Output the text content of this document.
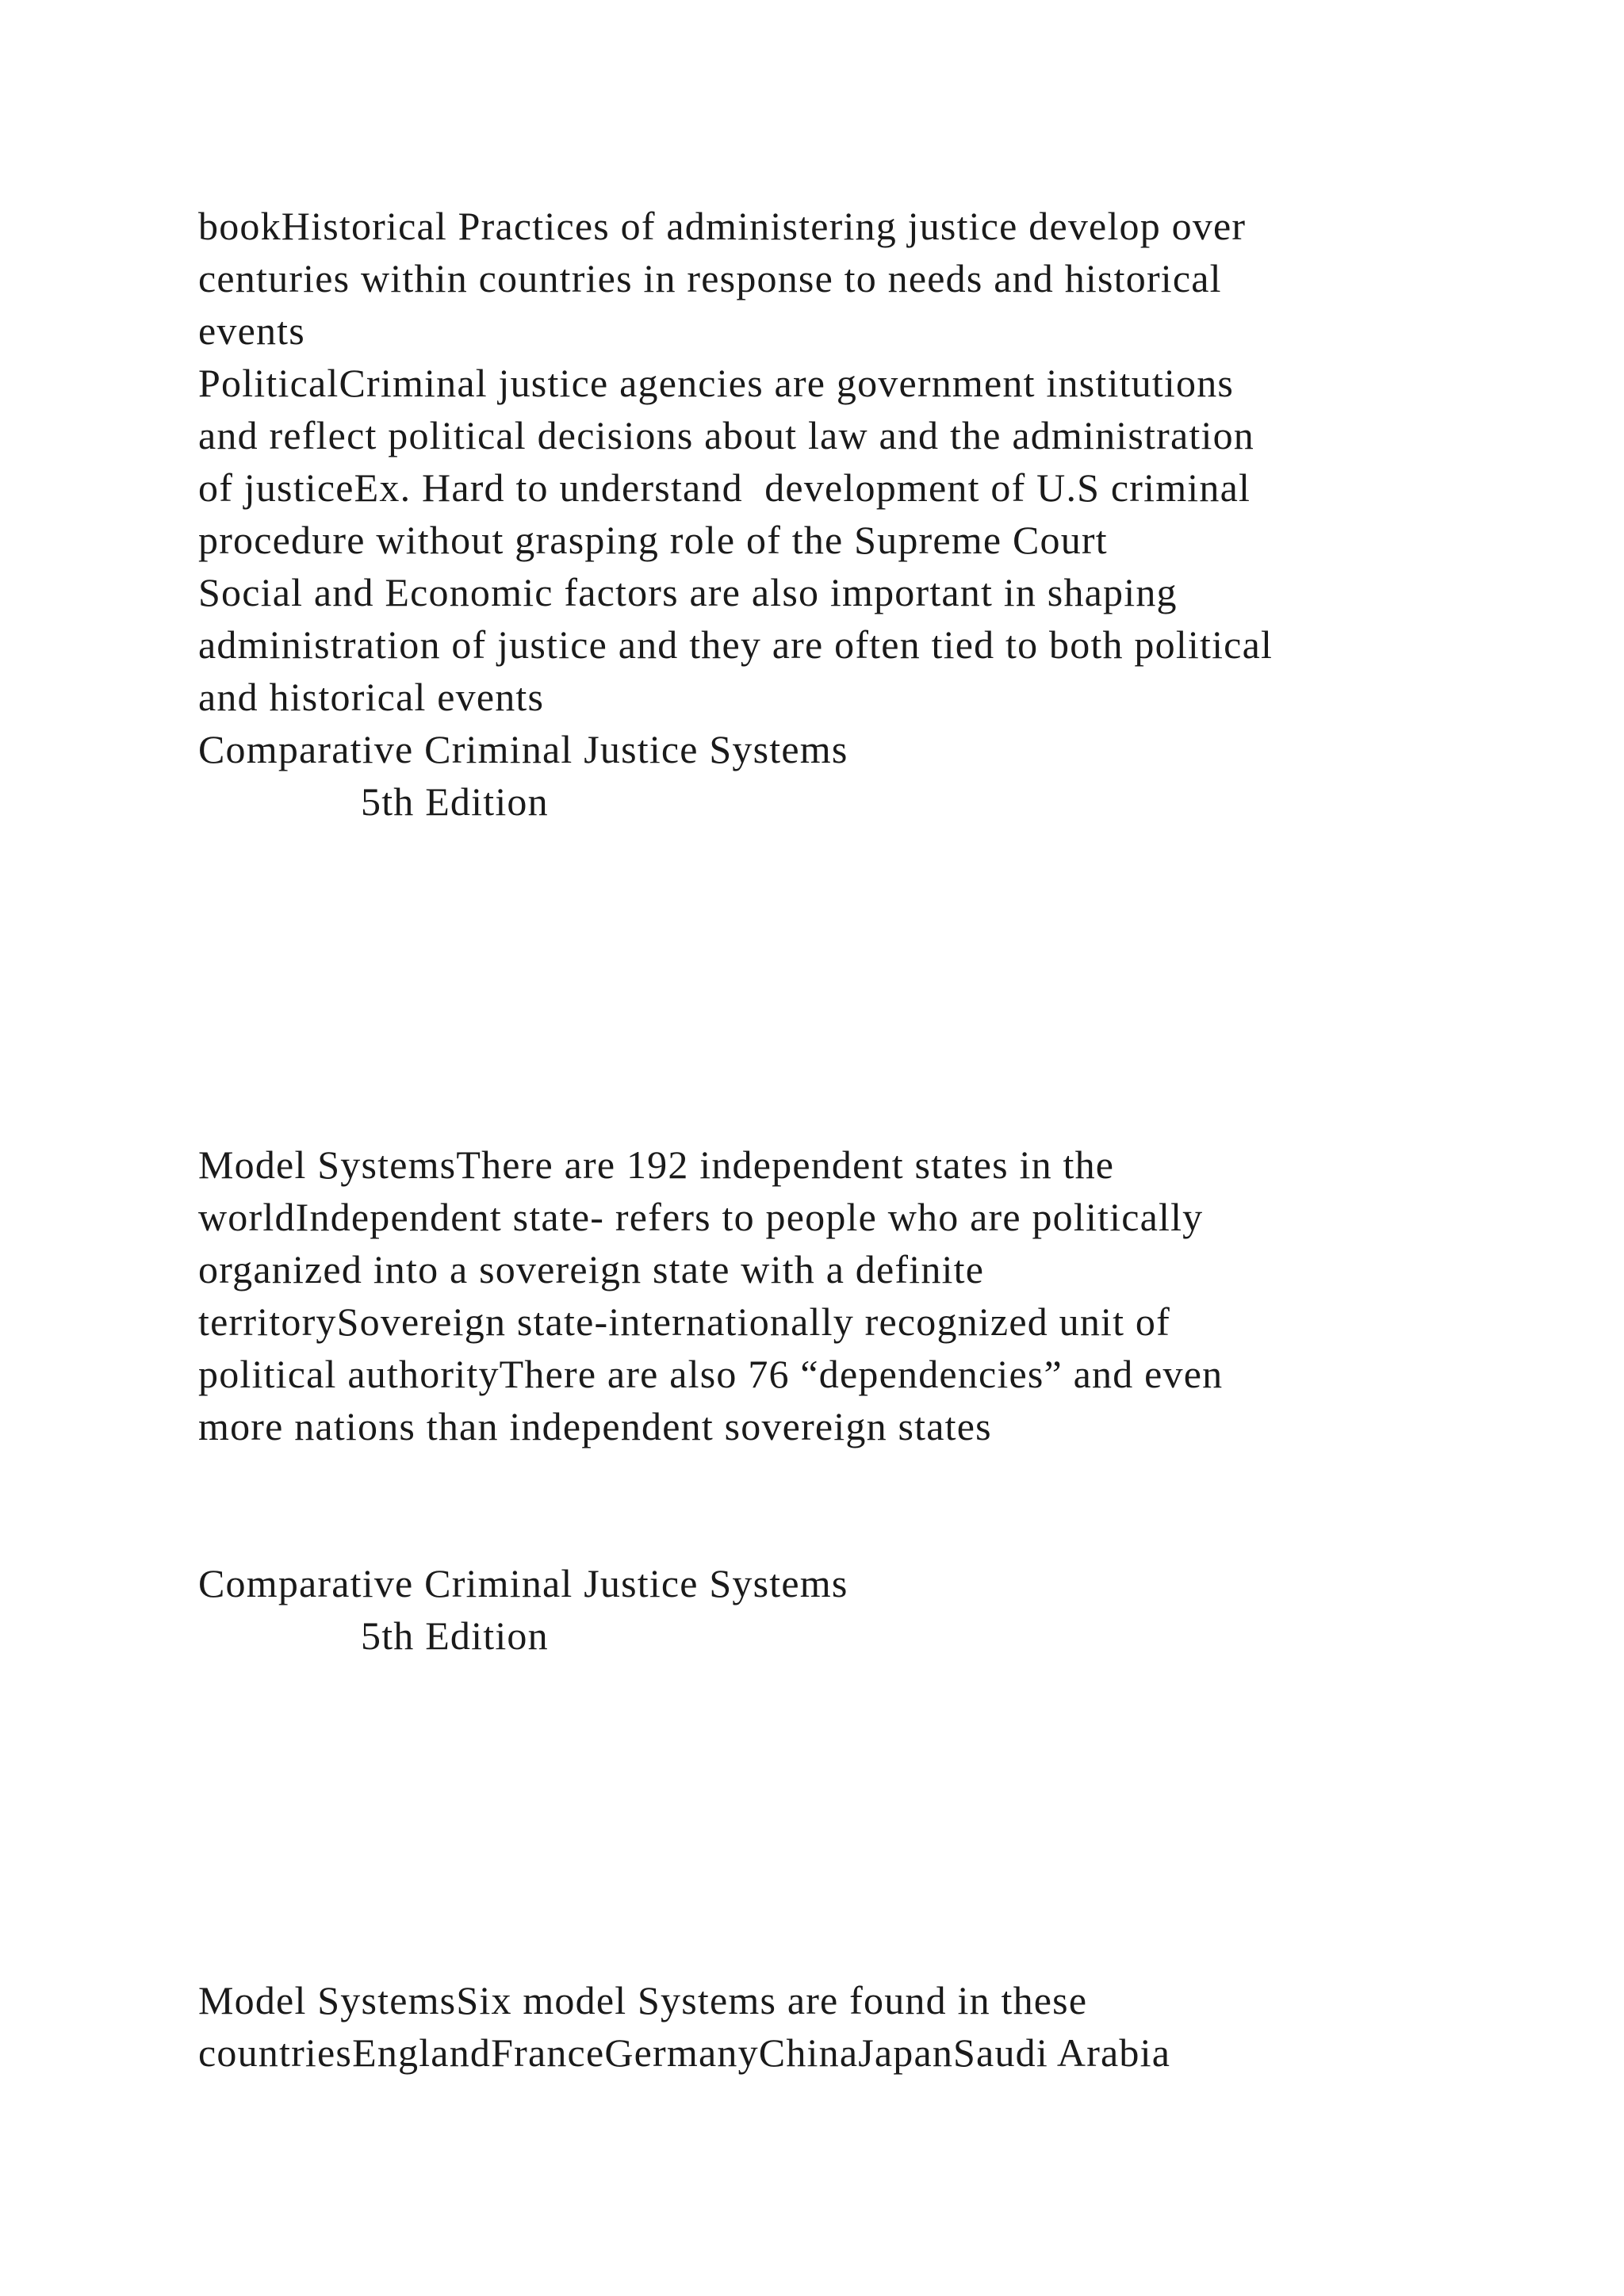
bookHistorical Practices of administering justice develop over

centuries within countries in response to needs and historical

events

PoliticalCriminal justice agencies are government institutions

and reflect political decisions about law and the administration

of justiceEx. Hard to understand  development of U.S criminal

procedure without grasping role of the Supreme Court

Social and Economic factors are also important in shaping

administration of justice and they are often tied to both political

and historical events

Comparative Criminal Justice Systems

5th Edition

Model SystemsThere are 192 independent states in the

worldIndependent state- refers to people who are politically

organized into a sovereign state with a definite

territorySovereign state-internationally recognized unit of

political authorityThere are also 76 “dependencies” and even

more nations than independent sovereign states

Comparative Criminal Justice Systems

5th Edition

Model SystemsSix model Systems are found in these

countriesEnglandFranceGermanyChinaJapanSaudi Arabia
